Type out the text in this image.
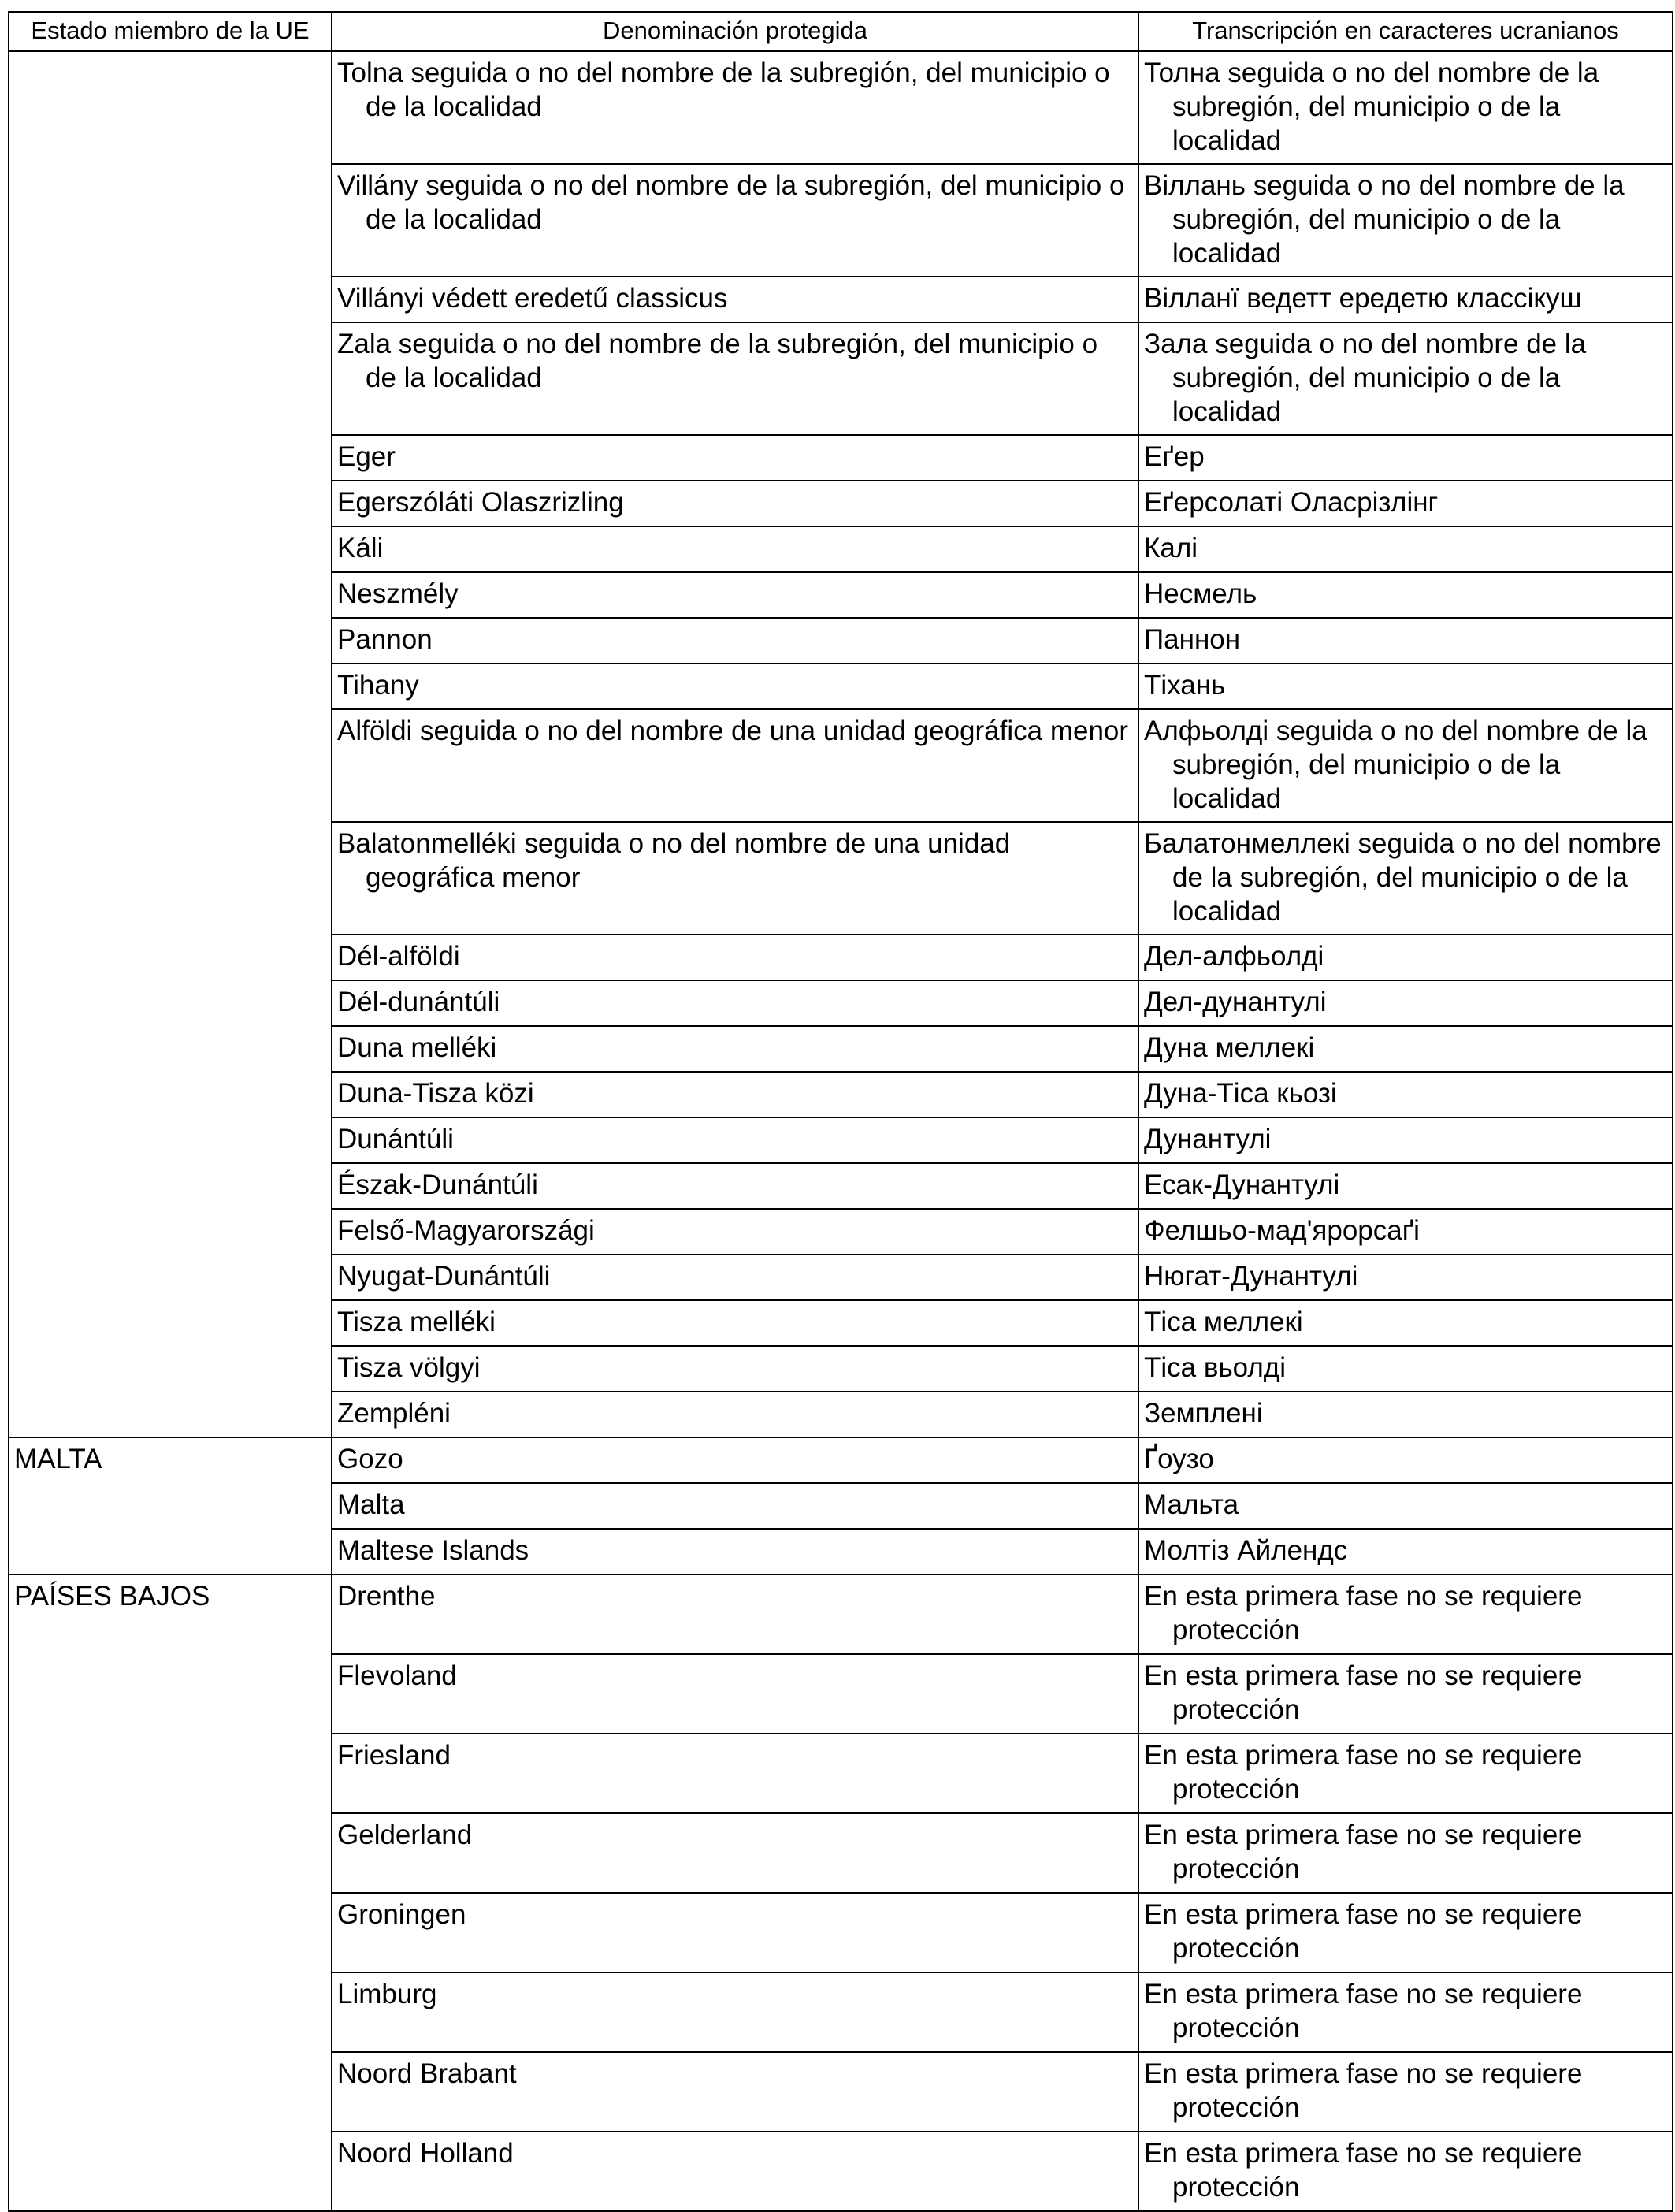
Estado miembro de la UE	Denominación protegida	Transcripción en caracteres ucranianos

	Tolna seguida o no del nombre de la subregión, del municipio o de la localidad	Толна seguida o no del nombre de la subregión, del municipio o de la localidad

	Villány seguida o no del nombre de la subregión, del municipio o de la localidad	Віллань seguida o no del nombre de la subregión, del municipio o de la localidad

	Villányi védett eredetű classicus	Вілланї ведетт ередетю классікуш

	Zala seguida o no del nombre de la subregión, del municipio o de la localidad	Зала seguida o no del nombre de la subregión, del municipio o de la localidad

	Eger	Еґер

	Egerszóláti Olaszrizling	Еґерсолаті Оласрізлінг

	Káli	Калі

	Neszmély	Несмель

	Pannon	Паннон

	Tihany	Тіхань

	Alföldi seguida o no del nombre de una unidad geográfica menor	Алфьолді seguida o no del nombre de la subregión, del municipio o de la localidad

	Balatonmelléki seguida o no del nombre de una unidad geográfica menor	Балатонмеллекі seguida o no del nombre de la subregión, del municipio o de la localidad

	Dél-alföldi	Дел-алфьолді

	Dél-dunántúli	Дел-дунантулі

	Duna melléki	Дуна меллекі

	Duna-Tisza közi	Дуна-Тіса кьозі

	Dunántúli	Дунантулі

	Észak-Dunántúli	Есак-Дунантулі

	Felső-Magyarországi	Фелшьо-мад'ярорсаґі

	Nyugat-Dunántúli	Нюгат-Дунантулі

	Tisza melléki	Тіса меллекі

	Tisza völgyi	Тіса вьолді

	Zempléni	Земплені

MALTA	Gozo	Ґоузо

	Malta	Мальта

	Maltese Islands	Молтіз Айлендс

PAÍSES BAJOS	Drenthe	En esta primera fase no se requiere protección

	Flevoland	En esta primera fase no se requiere protección

	Friesland	En esta primera fase no se requiere protección

	Gelderland	En esta primera fase no se requiere protección

	Groningen	En esta primera fase no se requiere protección

	Limburg	En esta primera fase no se requiere protección

	Noord Brabant	En esta primera fase no se requiere protección

	Noord Holland	En esta primera fase no se requiere protección
